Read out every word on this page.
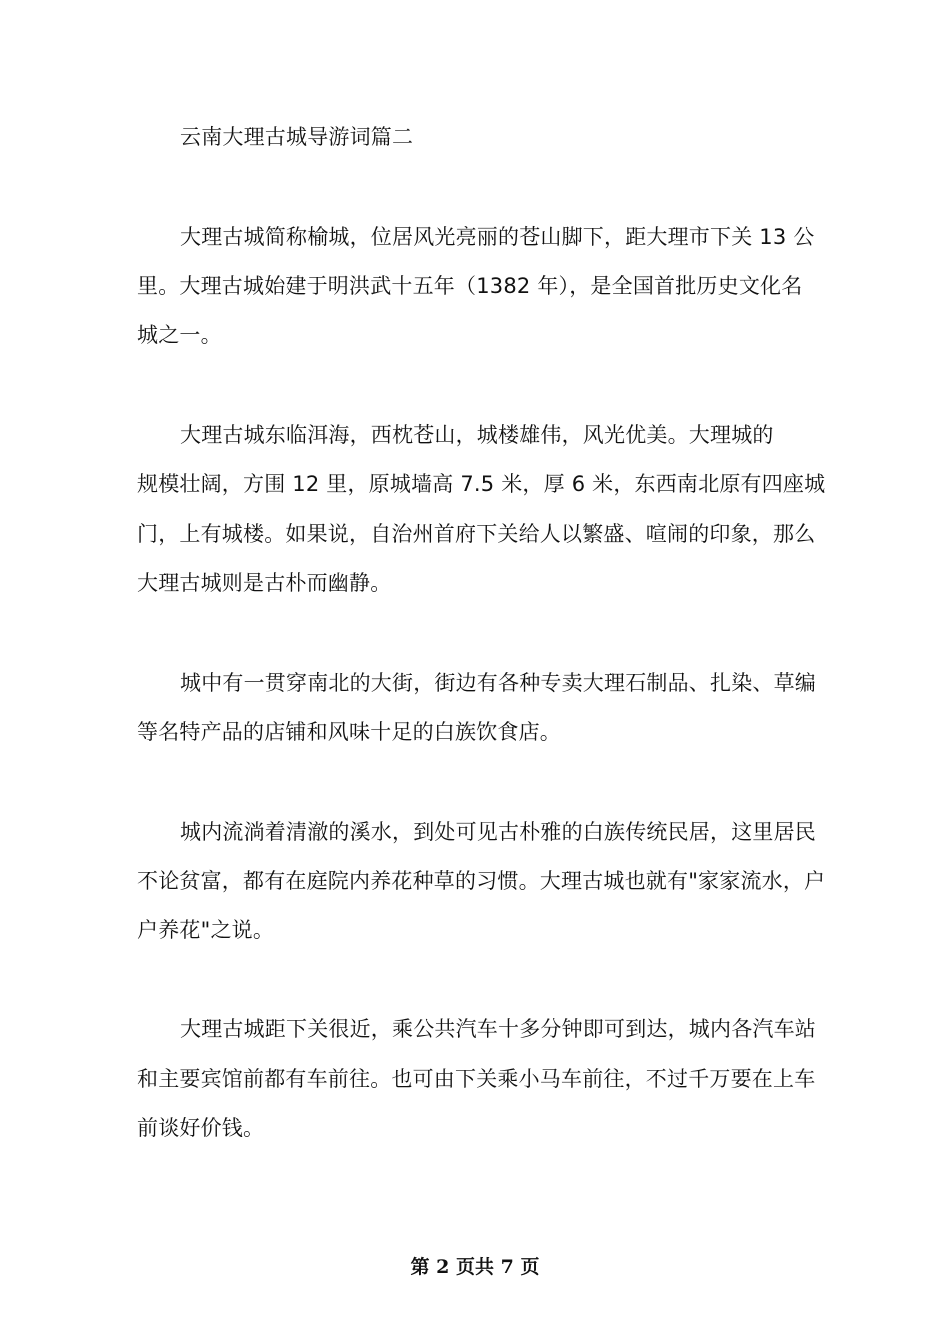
云南大理古城导游词篇二
大理古城简称榆城，位居风光亮丽的苍山脚下，距大理市下关 13 公
里。大理古城始建于明洪武十五年（1382 年），是全国首批历史文化名
城之一。
大理古城东临洱海，西枕苍山，城楼雄伟，风光优美。大理城的
规模壮阔，方围 12 里，原城墙高 7.5 米，厚 6 米，东西南北原有四座城
门，上有城楼。如果说，自治州首府下关给人以繁盛、喧闹的印象，那么
大理古城则是古朴而幽静。
城中有一贯穿南北的大街，街边有各种专卖大理石制品、扎染、草编
等名特产品的店铺和风味十足的白族饮食店。
城内流淌着清澈的溪水，到处可见古朴雅的白族传统民居，这里居民
不论贫富，都有在庭院内养花种草的习惯。大理古城也就有"家家流水，户
户养花"之说。
大理古城距下关很近，乘公共汽车十多分钟即可到达，城内各汽车站
和主要宾馆前都有车前往。也可由下关乘小马车前往，不过千万要在上车
前谈好价钱。
第 2 页共 7 页
